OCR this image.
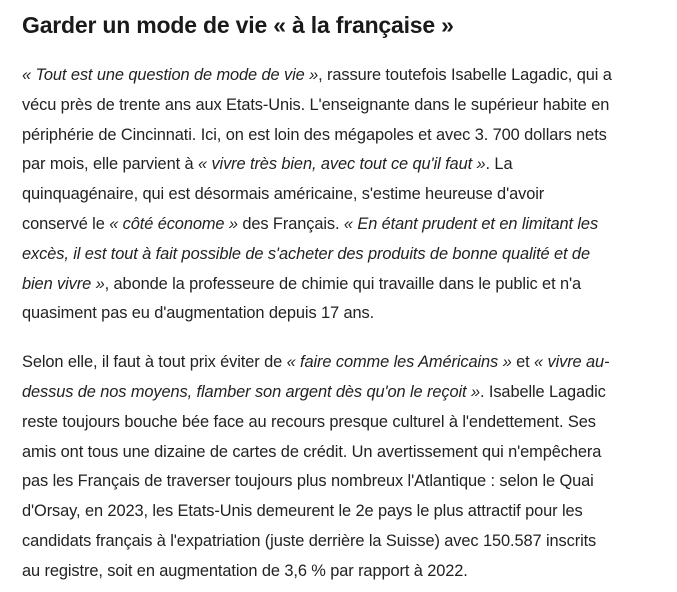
Garder un mode de vie « à la française »

« Tout est une question de mode de vie », rassure toutefois Isabelle Lagadic, qui a
vécu près de trente ans aux Etats-Unis. L'enseignante dans le supérieur habite en
périphérie de Cincinnati. Ici, on est loin des mégapoles et avec 3. 700 dollars nets
par mois, elle parvient à « vivre très bien, avec tout ce qu'il faut ». La
quinquagénaire, qui est désormais américaine, s'estime heureuse d'avoir
conservé le « côté économe » des Français. « En étant prudent et en limitant les
excès, il est tout à fait possible de s'acheter des produits de bonne qualité et de
bien vivre », abonde la professeure de chimie qui travaille dans le public et n'a
quasiment pas eu d'augmentation depuis 17 ans.

Selon elle, il faut à tout prix éviter de « faire comme les Américains » et « vivre au-
dessus de nos moyens, flamber son argent dès qu'on le reçoit ». Isabelle Lagadic
reste toujours bouche bée face au recours presque culturel à l'endettement. Ses
amis ont tous une dizaine de cartes de crédit. Un avertissement qui n'empêchera
pas les Français de traverser toujours plus nombreux l'Atlantique : selon le Quai
d'Orsay, en 2023, les Etats-Unis demeurent le 2e pays le plus attractif pour les
candidats français à l'expatriation (juste derrière la Suisse) avec 150.587 inscrits
au registre, soit en augmentation de 3,6 % par rapport à 2022.
